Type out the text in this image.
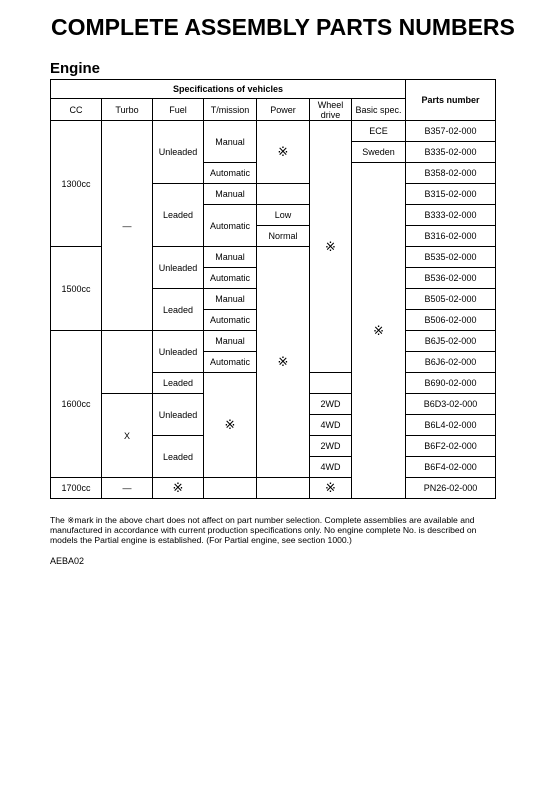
COMPLETE ASSEMBLY PARTS NUMBERS
Engine
Specifications of vehicles							Parts number
CC	Turbo	Fuel	T/mission	Power	Wheel drive	Basic spec.	
1300cc	—	Unleaded	Manual	※	※	ECE	B357-02-000
						Sweden	B335-02-000
			Automatic			※	B358-02-000
		Leaded	Manual				B315-02-000
			Automatic	Low			B333-02-000
				Normal			B316-02-000
1500cc		Unleaded	Manual	※			B535-02-000
			Automatic				B536-02-000
		Leaded	Manual				B505-02-000
			Automatic				B506-02-000
1600cc		Unleaded	Manual				B6J5-02-000
			Automatic				B6J6-02-000
		Leaded	※				B690-02-000
	X	Unleaded			2WD		B6D3-02-000
					4WD		B6L4-02-000
		Leaded			2WD		B6F2-02-000
					4WD		B6F4-02-000
1700cc	—	※			※		PN26-02-000

The ※mark in the above chart does not affect on part number selection. Complete assemblies are available and manufactured in accordance with current production specifications only. No engine complete No. is described on models the Partial engine is established. (For Partial engine, see section 1000.)

AEBA02
